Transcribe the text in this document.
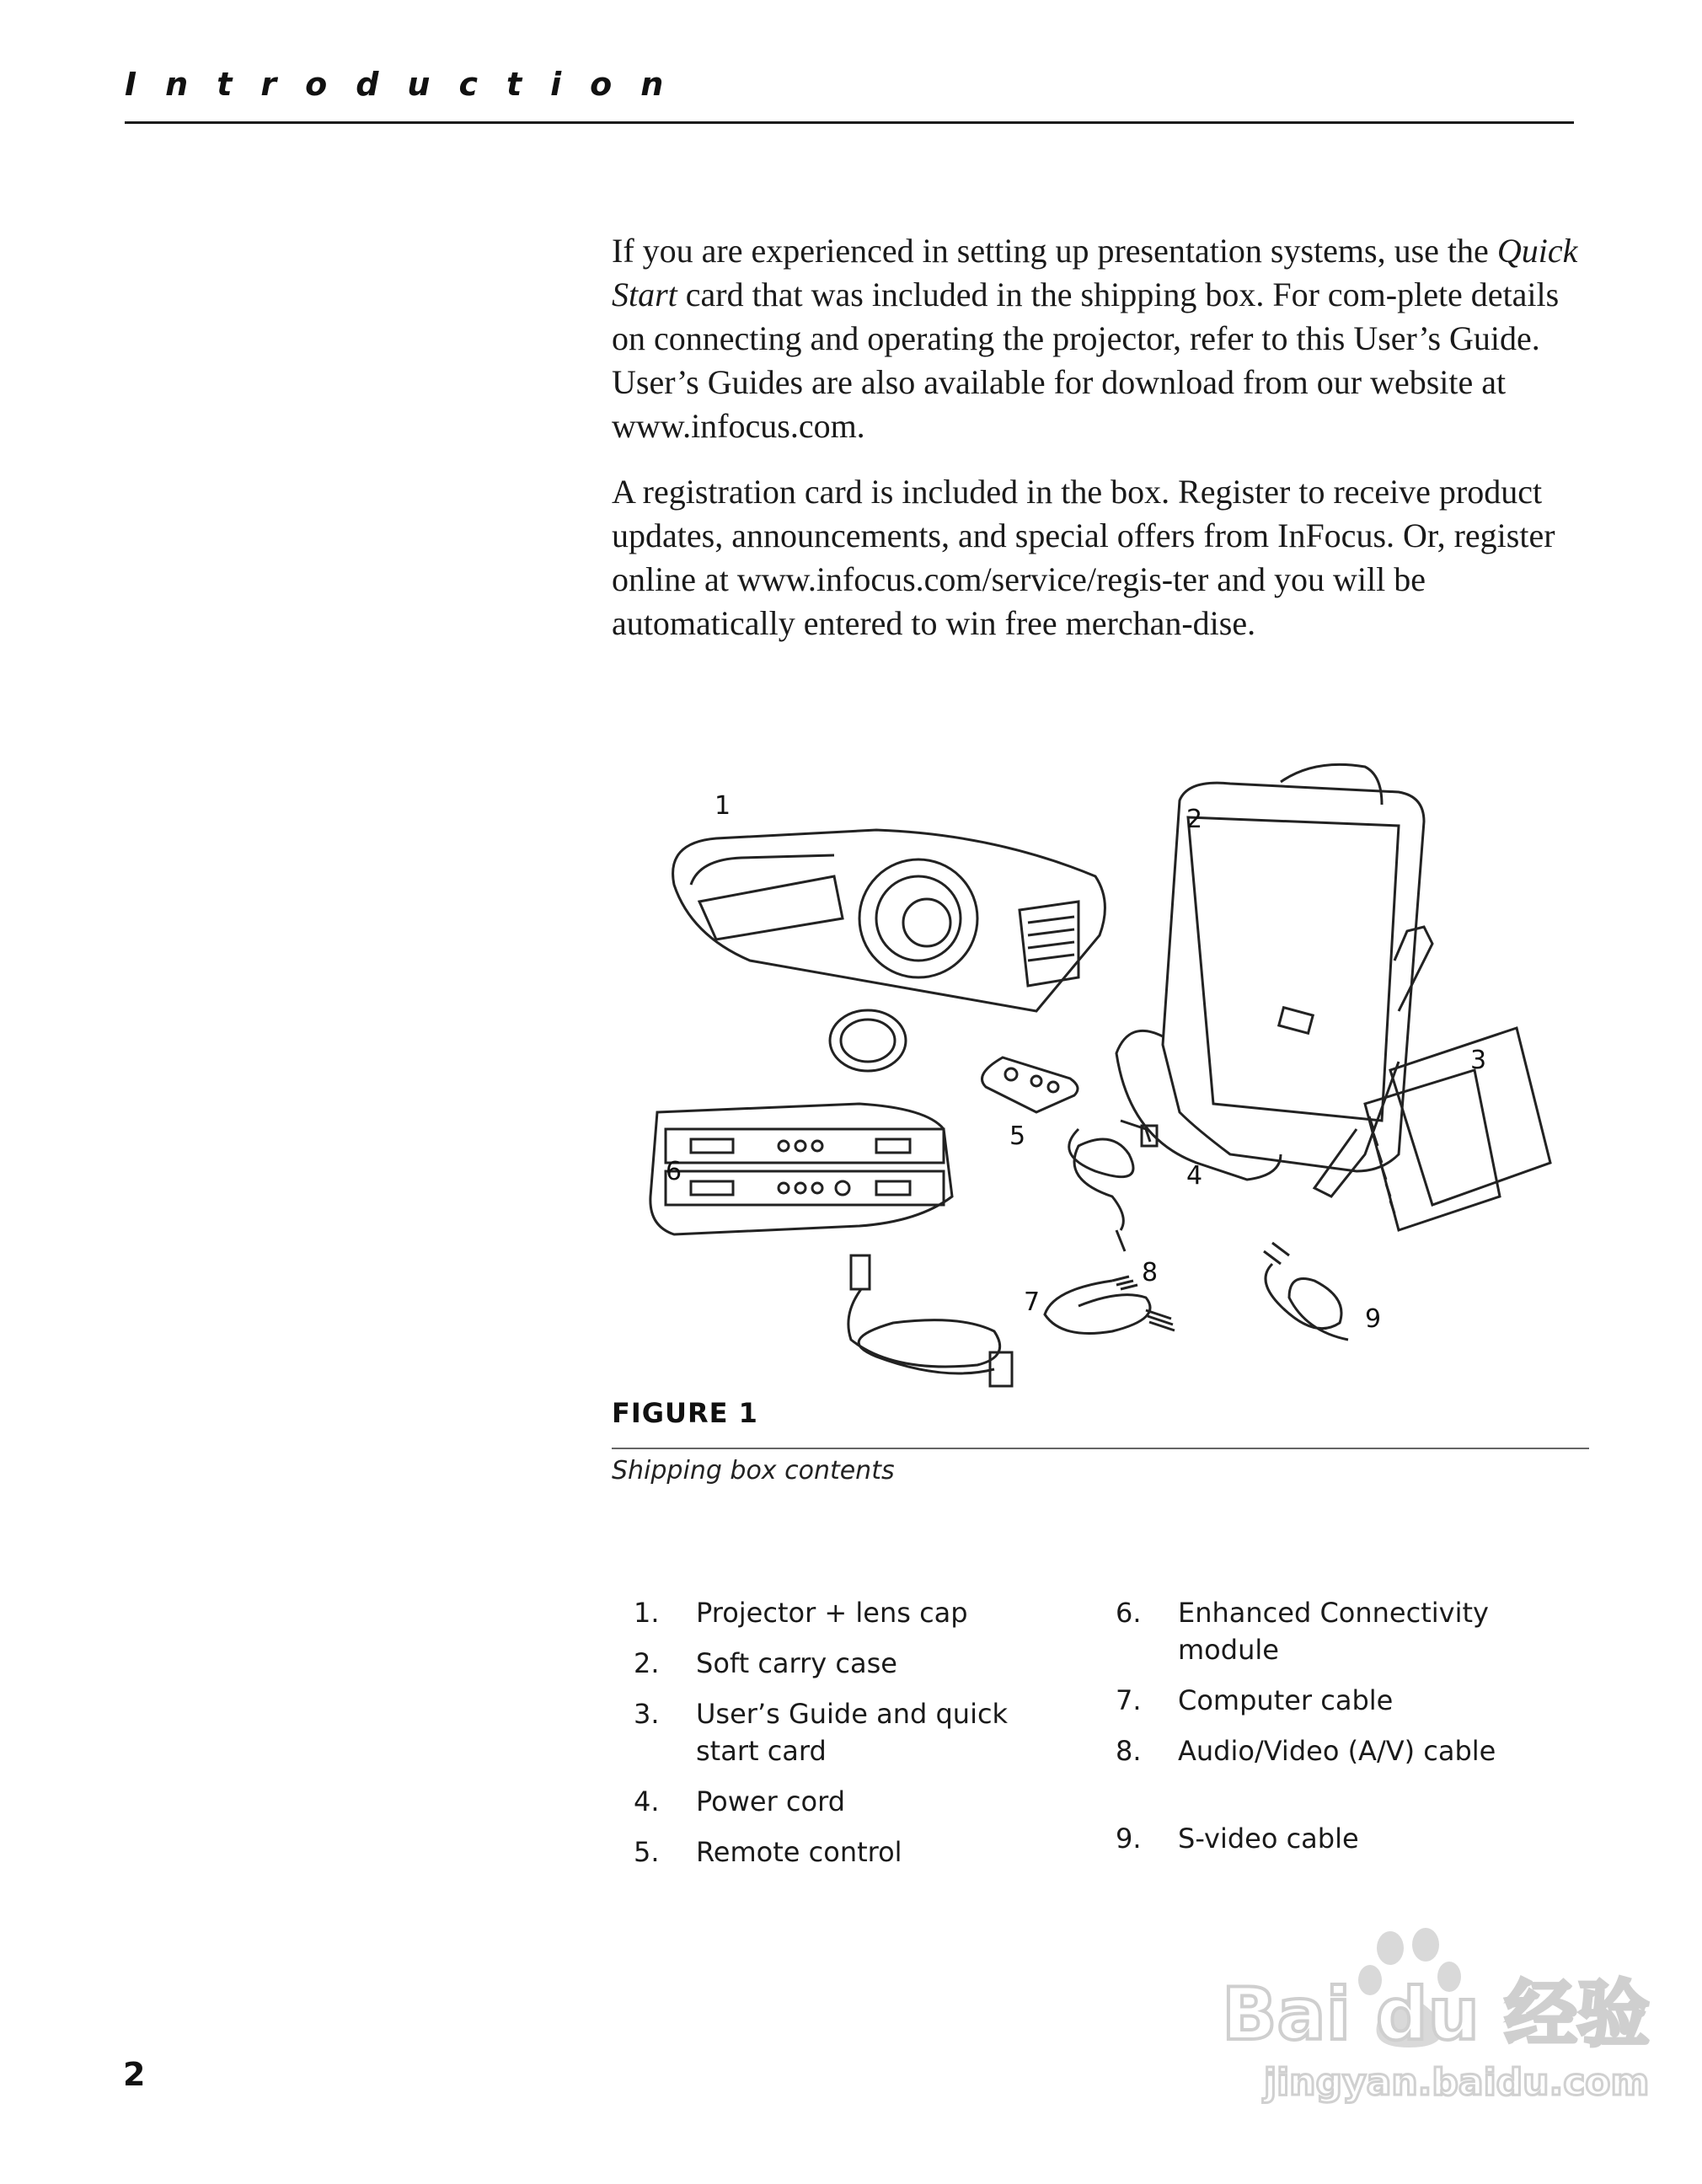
Introduction

If you are experienced in setting up presentation systems, use the Quick Start card that was included in the shipping box. For com-plete details on connecting and operating the projector, refer to this User’s Guide. User’s Guides are also available for download from our website at www.infocus.com.

A registration card is included in the box. Register to receive product updates, announcements, and special offers from InFocus. Or, register online at www.infocus.com/service/regis-ter and you will be automatically entered to win free merchan-dise.

1	2
3
4
5
6
7
8
9
FIGURE 1
Shipping box contents
1.	Projector + lens cap
2.	Soft carry case
3.	User’s Guide and quick start card
4.	Power cord
5.	Remote control
6.	Enhanced Connectivity module
7.	Computer cable
8.	Audio/Video (A/V) cable
9.	S-video cable
2
Bai du 经验
jingyan.baidu.com
